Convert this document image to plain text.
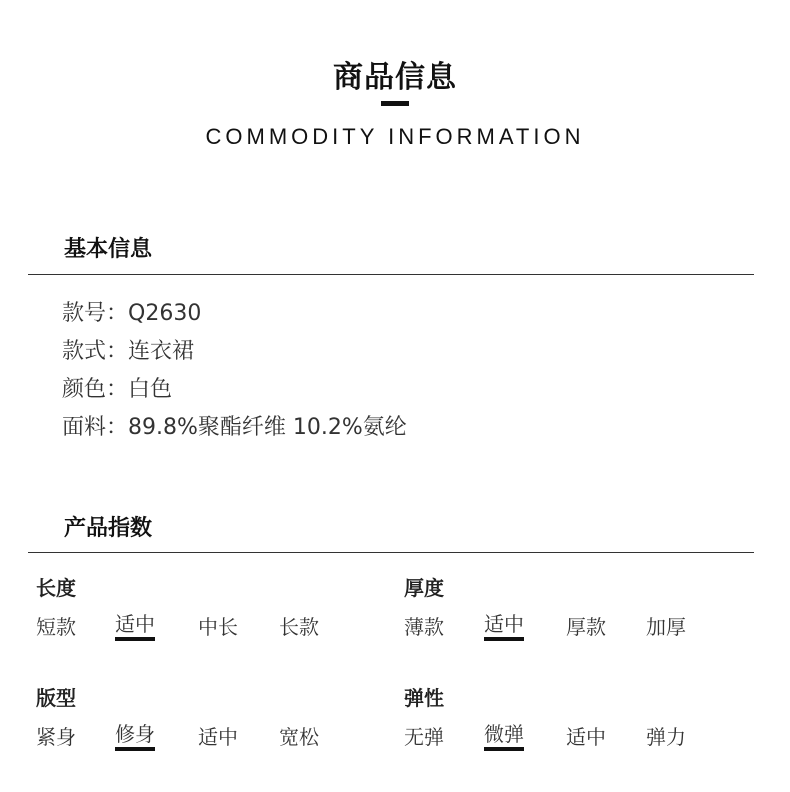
商品信息
COMMODITY INFORMATION
基本信息
款号：Q2630
款式：连衣裙
颜色：白色
面料：89.8%聚酯纤维 10.2%氨纶
产品指数
长度
短款 适中 中长 长款
厚度
薄款 适中 厚款 加厚
版型
紧身 修身 适中 宽松
弹性
无弹 微弹 适中 弹力
